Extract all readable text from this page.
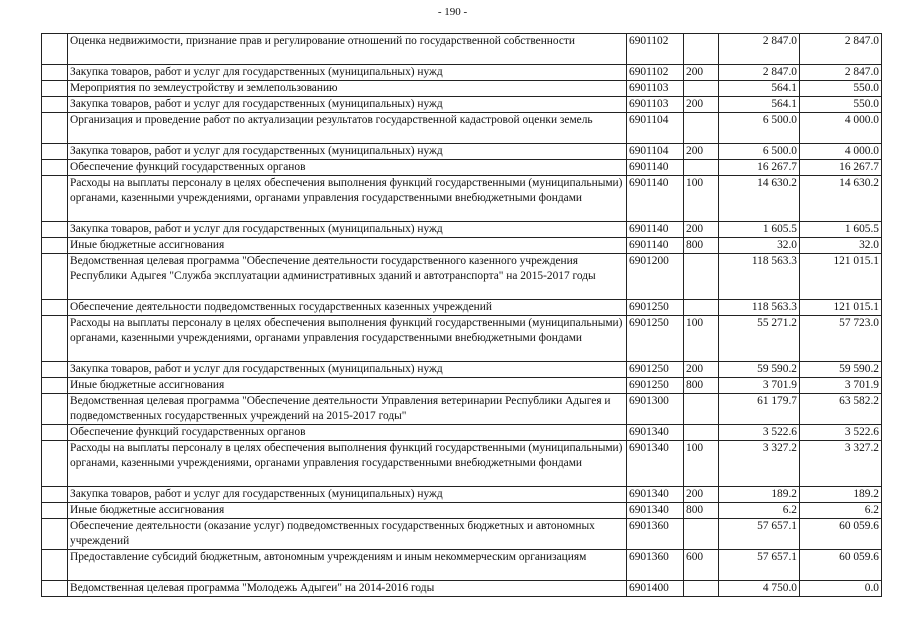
- 190 -
	Оценка недвижимости, признание прав и регулирование отношений по государственной собственности	6901102		2 847.0	2 847.0
	Закупка товаров, работ и услуг для государственных (муниципальных) нужд	6901102	200	2 847.0	2 847.0
	Мероприятия по землеустройству и землепользованию	6901103		564.1	550.0
	Закупка товаров, работ и услуг для государственных (муниципальных) нужд	6901103	200	564.1	550.0
	Организация и проведение работ по актуализации результатов государственной кадастровой оценки земель	6901104		6 500.0	4 000.0
	Закупка товаров, работ и услуг для государственных (муниципальных) нужд	6901104	200	6 500.0	4 000.0
	Обеспечение функций государственных органов	6901140		16 267.7	16 267.7
	Расходы на выплаты персоналу в целях обеспечения выполнения функций государственными (муниципальными) органами, казенными учреждениями, органами управления государственными внебюджетными фондами	6901140	100	14 630.2	14 630.2
	Закупка товаров, работ и услуг для государственных (муниципальных) нужд	6901140	200	1 605.5	1 605.5
	Иные бюджетные ассигнования	6901140	800	32.0	32.0
	Ведомственная целевая программа "Обеспечение деятельности государственного казенного учреждения Республики Адыгея "Служба эксплуатации административных зданий и автотранспорта" на 2015-2017 годы	6901200		118 563.3	121 015.1
	Обеспечение деятельности подведомственных государственных казенных учреждений	6901250		118 563.3	121 015.1
	Расходы на выплаты персоналу в целях обеспечения выполнения функций государственными (муниципальными) органами, казенными учреждениями, органами управления государственными внебюджетными фондами	6901250	100	55 271.2	57 723.0
	Закупка товаров, работ и услуг для государственных (муниципальных) нужд	6901250	200	59 590.2	59 590.2
	Иные бюджетные ассигнования	6901250	800	3 701.9	3 701.9
	Ведомственная целевая программа "Обеспечение деятельности Управления ветеринарии Республики Адыгея и подведомственных государственных учреждений на 2015-2017 годы"	6901300		61 179.7	63 582.2
	Обеспечение функций государственных органов	6901340		3 522.6	3 522.6
	Расходы на выплаты персоналу в целях обеспечения выполнения функций государственными (муниципальными) органами, казенными учреждениями, органами управления государственными внебюджетными фондами	6901340	100	3 327.2	3 327.2
	Закупка товаров, работ и услуг для государственных (муниципальных) нужд	6901340	200	189.2	189.2
	Иные бюджетные ассигнования	6901340	800	6.2	6.2
	Обеспечение деятельности (оказание услуг) подведомственных государственных бюджетных и автономных учреждений	6901360		57 657.1	60 059.6
	Предоставление субсидий бюджетным, автономным учреждениям и иным некоммерческим организациям	6901360	600	57 657.1	60 059.6
	Ведомственная целевая программа "Молодежь Адыгеи" на 2014-2016 годы	6901400		4 750.0	0.0
